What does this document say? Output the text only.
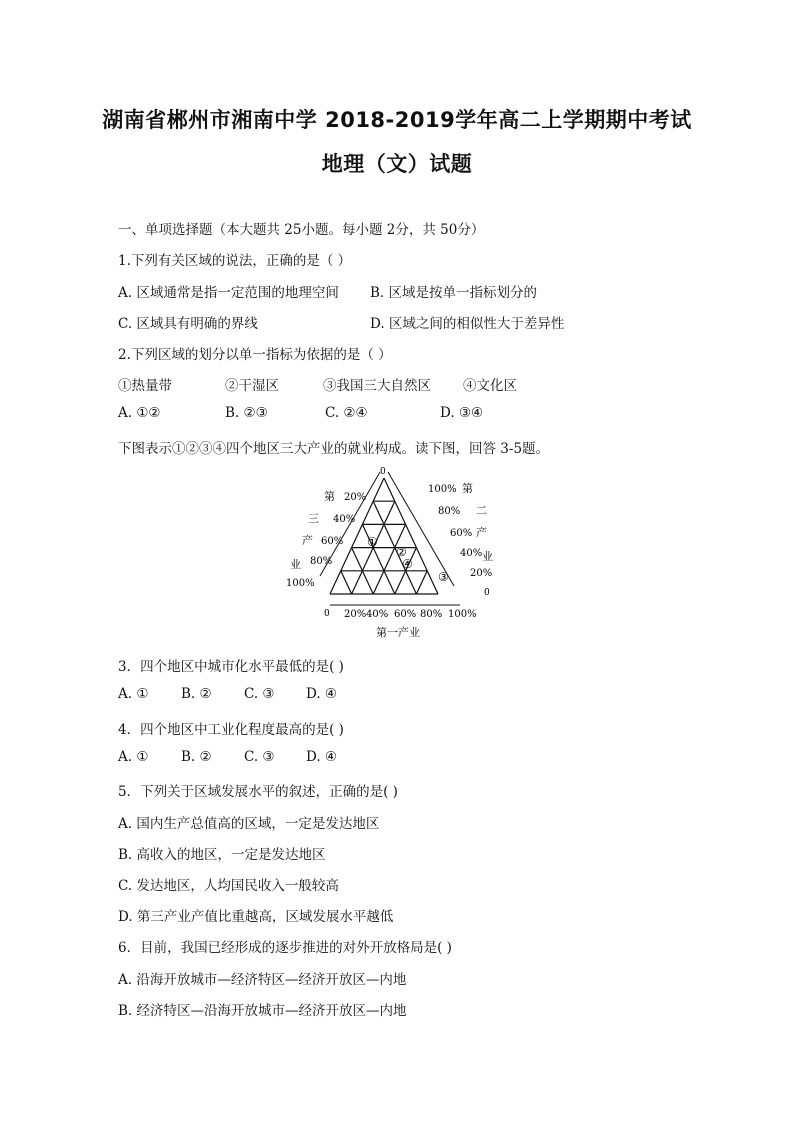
湖南省郴州市湘南中学 2018-2019学年高二上学期期中考试
地理（文）试题
一、单项选择题（本大题共 25小题。每小题 2分，共 50分）
1.下列有关区域的说法，正确的是（ ）
A. 区域通常是指一定范围的地理空间 B. 区域是按单一指标划分的
C. 区域具有明确的界线	D. 区域之间的相似性大于差异性
2.下列区域的划分以单一指标为依据的是（ ）
①热量带	②干湿区	③我国三大自然区 ④文化区
A. ①②	B. ②③	C. ②④	D. ③④
下图表示①②③④四个地区三大产业的就业构成。读下图，回答 3-5题。
0
0
0
第
三
产
业
20%
40%
60%
80%
100%
第
二
产
业
100%
80%
60%
40%
20%
20% 40% 60% 80% 100%
第一产业
①
②
④
③
3．四个地区中城市化水平最低的是( )
A. ① B. ② C. ③ D. ④
4．四个地区中工业化程度最高的是( )
A. ① B. ② C. ③ D. ④
5．下列关于区域发展水平的叙述，正确的是( )
A. 国内生产总值高的区域，一定是发达地区
B. 高收入的地区，一定是发达地区
C. 发达地区，人均国民收入一般较高
D. 第三产业产值比重越高，区域发展水平越低
6．目前，我国已经形成的逐步推进的对外开放格局是( )
A. 沿海开放城市—经济特区—经济开放区—内地
B. 经济特区—沿海开放城市—经济开放区—内地
